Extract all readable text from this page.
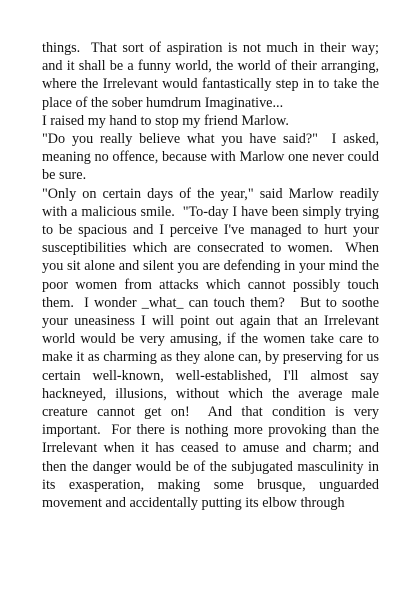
things.  That sort of aspiration is not much in their way; and it shall be a funny world, the world of their arranging, where the Irrelevant would fantastically step in to take the place of the sober humdrum Imaginative...

I raised my hand to stop my friend Marlow.

"Do you really believe what you have said?"  I asked, meaning no offence, because with Marlow one never could be sure.

"Only on certain days of the year," said Marlow readily with a malicious smile.  "To-day I have been simply trying to be spacious and I perceive I've managed to hurt your susceptibilities which are consecrated to women.  When you sit alone and silent you are defending in your mind the poor women from attacks which cannot possibly touch them.  I wonder _what_ can touch them?   But to soothe your uneasiness I will point out again that an Irrelevant world would be very amusing, if the women take care to make it as charming as they alone can, by preserving for us certain well-known, well-established, I'll almost say hackneyed, illusions, without which the average male creature cannot get on!  And that condition is very important.  For there is nothing more provoking than the Irrelevant when it has ceased to amuse and charm; and then the danger would be of the subjugated masculinity in its exasperation, making some brusque, unguarded movement and accidentally putting its elbow through
